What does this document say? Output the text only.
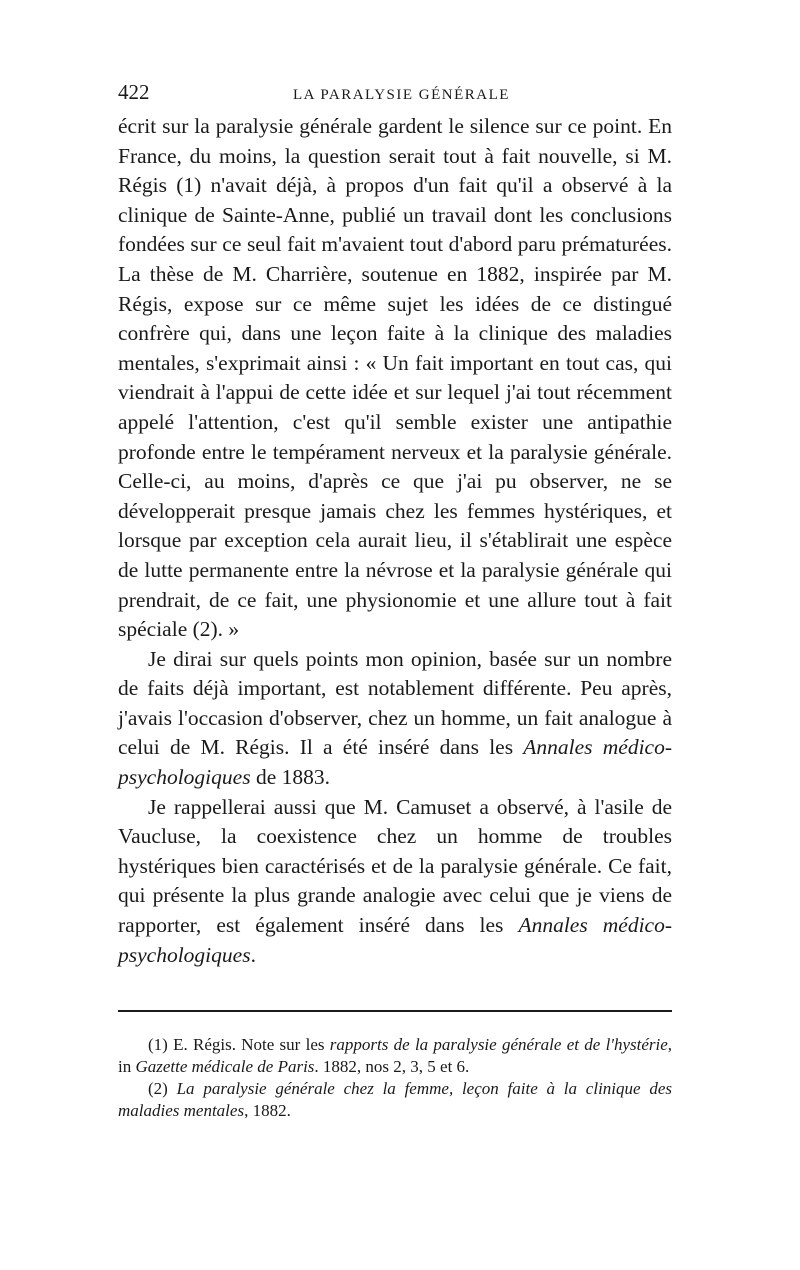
422	LA PARALYSIE GÉNÉRALE

écrit sur la paralysie générale gardent le silence sur ce point. En France, du moins, la question serait tout à fait nouvelle, si M. Régis (1) n'avait déjà, à propos d'un fait qu'il a observé à la clinique de Sainte-Anne, publié un travail dont les conclusions fondées sur ce seul fait m'avaient tout d'abord paru prématurées. La thèse de M. Charrière, soutenue en 1882, inspirée par M. Régis, expose sur ce même sujet les idées de ce distingué confrère qui, dans une leçon faite à la clinique des maladies mentales, s'exprimait ainsi : « Un fait important en tout cas, qui viendrait à l'appui de cette idée et sur lequel j'ai tout récemment appelé l'attention, c'est qu'il semble exister une antipathie profonde entre le tempérament nerveux et la paralysie générale. Celle-ci, au moins, d'après ce que j'ai pu observer, ne se développerait presque jamais chez les femmes hystériques, et lorsque par exception cela aurait lieu, il s'établirait une espèce de lutte permanente entre la névrose et la paralysie générale qui prendrait, de ce fait, une physionomie et une allure tout à fait spéciale (2). »

Je dirai sur quels points mon opinion, basée sur un nombre de faits déjà important, est notablement différente. Peu après, j'avais l'occasion d'observer, chez un homme, un fait analogue à celui de M. Régis. Il a été inséré dans les Annales médico-psychologiques de 1883.

Je rappellerai aussi que M. Camuset a observé, à l'asile de Vaucluse, la coexistence chez un homme de troubles hystériques bien caractérisés et de la paralysie générale. Ce fait, qui présente la plus grande analogie avec celui que je viens de rapporter, est également inséré dans les Annales médico-psychologiques.

(1) E. Régis. Note sur les rapports de la paralysie générale et de l'hystérie, in Gazette médicale de Paris. 1882, nos 2, 3, 5 et 6.

(2) La paralysie générale chez la femme, leçon faite à la clinique des maladies mentales, 1882.
